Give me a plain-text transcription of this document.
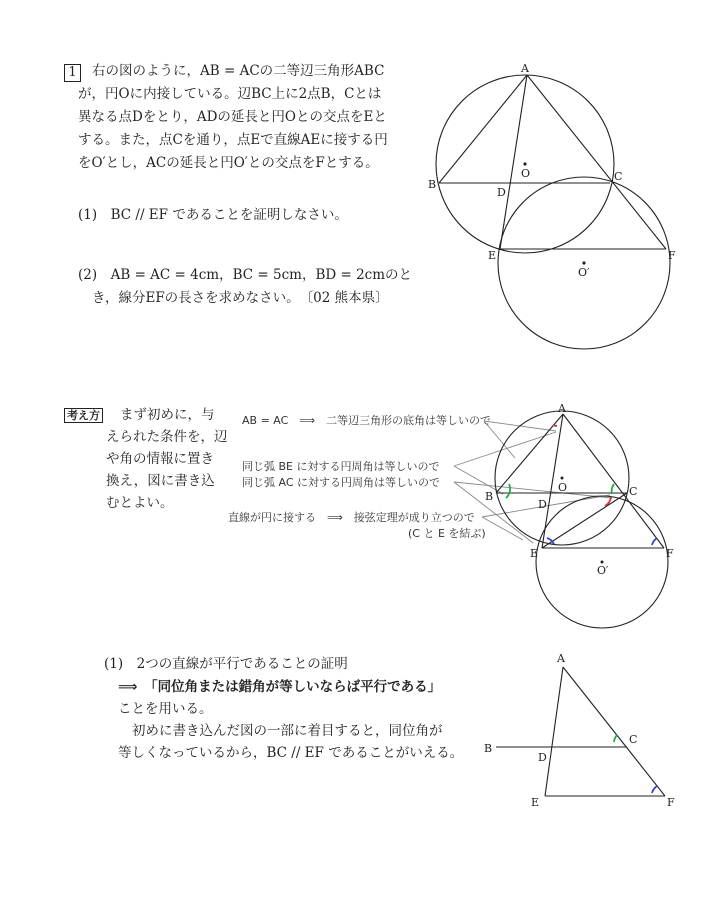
1	右の図のように，AB = ACの二等辺三角形ABC
が，円Oに内接している。辺BC上に2点B，Cとは
異なる点Dをとり，ADの延長と円Oとの交点をEと
する。また，点Cを通り，点Eで直線AEに接する円
をO′とし，ACの延長と円O′との交点をFとする。
(1)　BC // EF であることを証明しなさい。
(2)　AB = AC = 4cm，BC = 5cm，BD = 2cmのと
き，線分EFの長さを求めなさい。　〔02 熊本県〕
A
B
C
D
E	F
O
O′
考え方 まず初めに，与
えられた条件を，辺
や角の情報に置き
換え，図に書き込
むとよい。
AB = AC　⟹　二等辺三角形の底角は等しいので
同じ弧 BE に対する円周角は等しいので
同じ弧 AC に対する円周角は等しいので
直線が円に接する　⟹　接弦定理が成り立つので
(C と E を結ぶ)
A
B	C
D
E	F
O
O′
(1)　2つの直線が平行であることの証明
⟹　「同位角または錯角が等しいならば平行である」
ことを用いる。
初めに書き込んだ図の一部に着目すると，同位角が
等しくなっているから，BC // EF であることがいえる。
A
B
C
D
E	F
